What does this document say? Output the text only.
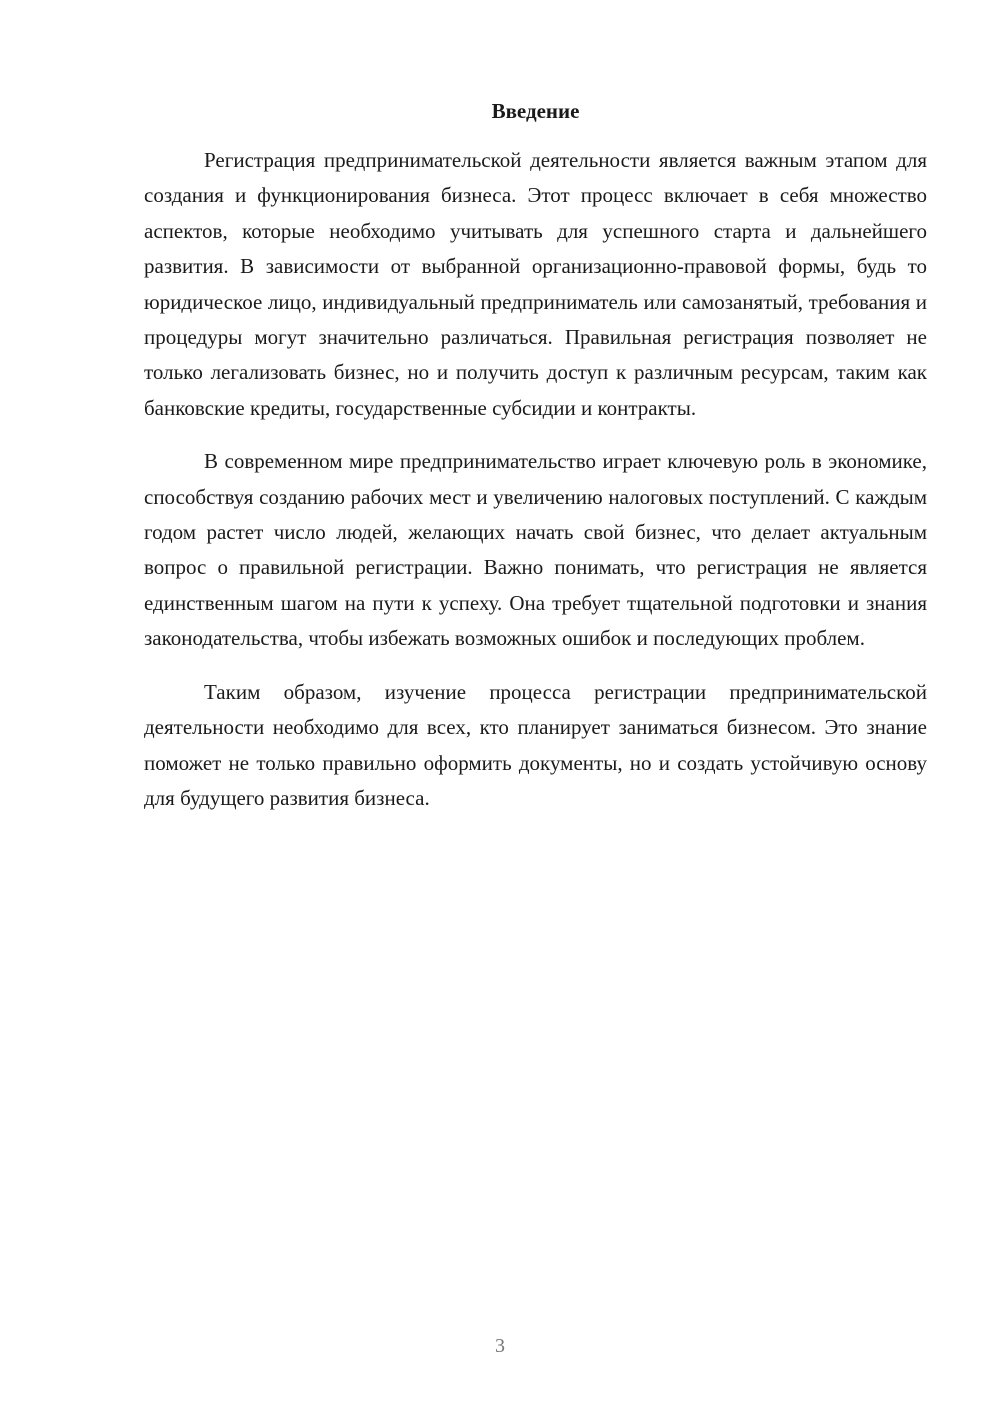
Введение

Регистрация предпринимательской деятельности является важным этапом для создания и функционирования бизнеса. Этот процесс включает в себя множество аспектов, которые необходимо учитывать для успешного старта и дальнейшего развития. В зависимости от выбранной организационно-правовой формы, будь то юридическое лицо, индивидуальный предприниматель или самозанятый, требования и процедуры могут значительно различаться. Правильная регистрация позволяет не только легализовать бизнес, но и получить доступ к различным ресурсам, таким как банковские кредиты, государственные субсидии и контракты.

В современном мире предпринимательство играет ключевую роль в экономике, способствуя созданию рабочих мест и увеличению налоговых поступлений. С каждым годом растет число людей, желающих начать свой бизнес, что делает актуальным вопрос о правильной регистрации. Важно понимать, что регистрация не является единственным шагом на пути к успеху. Она требует тщательной подготовки и знания законодательства, чтобы избежать возможных ошибок и последующих проблем.

Таким образом, изучение процесса регистрации предпринимательской деятельности необходимо для всех, кто планирует заниматься бизнесом. Это знание поможет не только правильно оформить документы, но и создать устойчивую основу для будущего развития бизнеса.

3
